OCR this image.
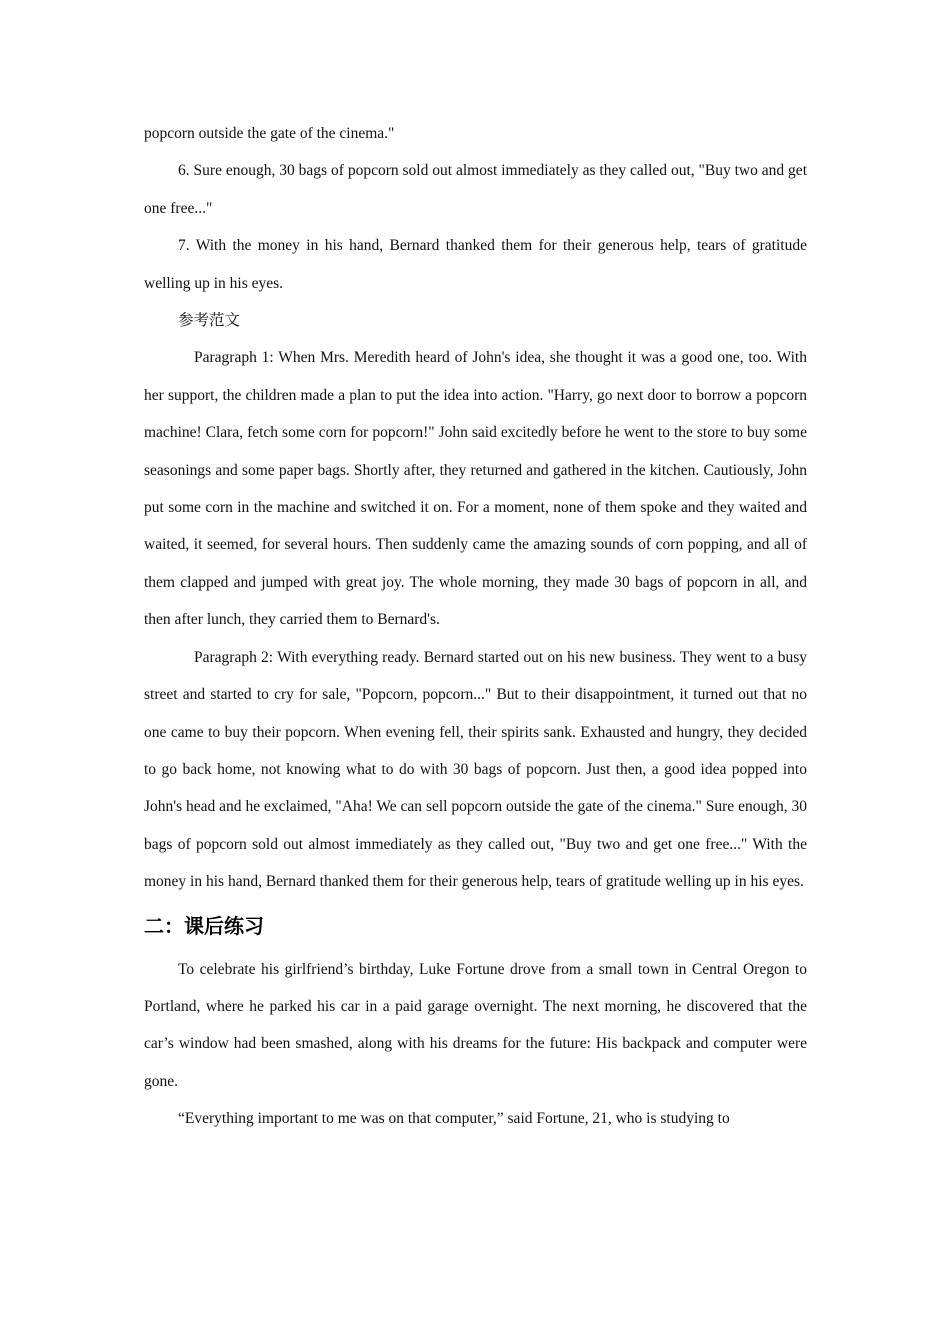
popcorn outside the gate of the cinema."

6. Sure enough, 30 bags of popcorn sold out almost immediately as they called out, "Buy two and get one free..."

7. With the money in his hand, Bernard thanked them for their generous help, tears of gratitude welling up in his eyes.

参考范文

Paragraph 1: When Mrs. Meredith heard of John's idea, she thought it was a good one, too. With her support, the children made a plan to put the idea into action. "Harry, go next door to borrow a popcorn machine! Clara, fetch some corn for popcorn!" John said excitedly before he went to the store to buy some seasonings and some paper bags. Shortly after, they returned and gathered in the kitchen. Cautiously, John put some corn in the machine and switched it on. For a moment, none of them spoke and they waited and waited, it seemed, for several hours. Then suddenly came the amazing sounds of corn popping, and all of them clapped and jumped with great joy. The whole morning, they made 30 bags of popcorn in all, and then after lunch, they carried them to Bernard's.

Paragraph 2: With everything ready. Bernard started out on his new business. They went to a busy street and started to cry for sale, "Popcorn, popcorn..." But to their disappointment, it turned out that no one came to buy their popcorn. When evening fell, their spirits sank. Exhausted and hungry, they decided to go back home, not knowing what to do with 30 bags of popcorn. Just then, a good idea popped into John's head and he exclaimed, "Aha! We can sell popcorn outside the gate of the cinema." Sure enough, 30 bags of popcorn sold out almost immediately as they called out, "Buy two and get one free..." With the money in his hand, Bernard thanked them for their generous help, tears of gratitude welling up in his eyes.

二：课后练习

To celebrate his girlfriend’s birthday, Luke Fortune drove from a small town in Central Oregon to Portland, where he parked his car in a paid garage overnight. The next morning, he discovered that the car’s window had been smashed, along with his dreams for the future: His backpack and computer were gone.

“Everything important to me was on that computer,” said Fortune, 21, who is studying to
